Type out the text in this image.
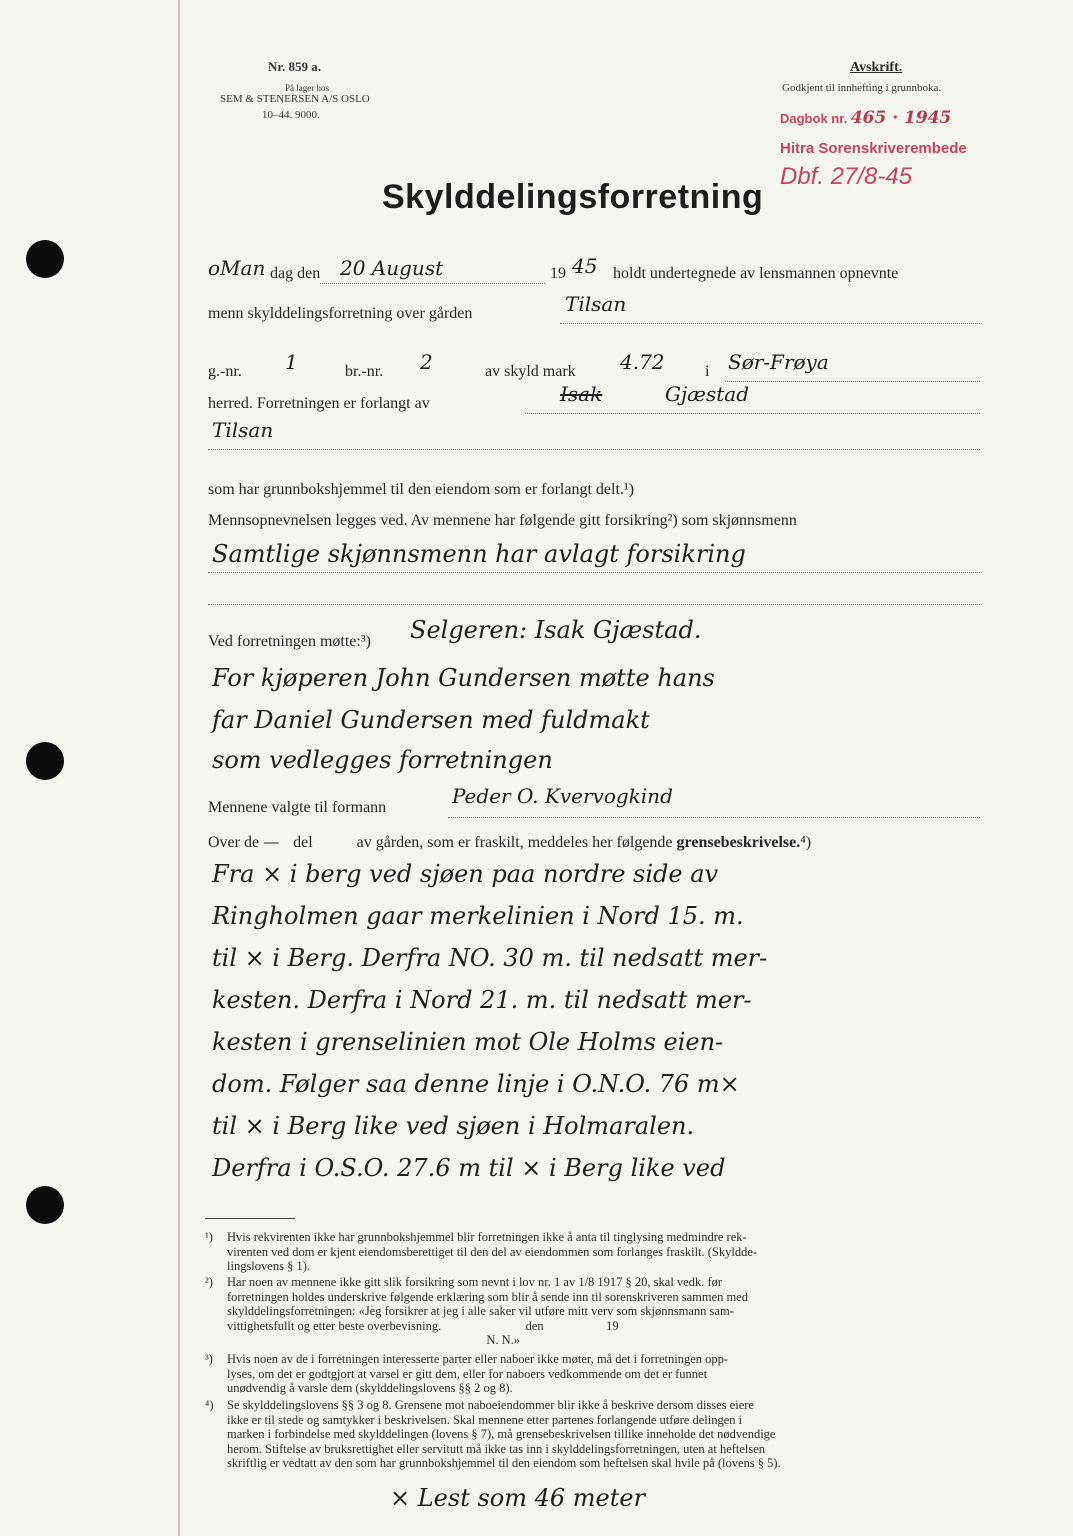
Nr. 859 a.
På lager hos
SEM & STENERSEN A/S OSLO
10–44. 9000.
Avskrift.
Godkjent til innhefting i grunnboka.
Dagbok nr. 465 · 1945
Hitra Sorenskriverembede
Dbf. 27/8-45
Skylddelingsforretning
oMan dag den 20 August	19 45 holdt undertegnede av lensmannen opnevnte
menn skylddelingsforretning over gården	Tilsan
g.-nr. 1	br.-nr. 2	av skyld mark 4.72	i Sør-Frøya
herred. Forretningen er forlangt av	Isak	Gjæstad
Tilsan
som har grunnbokshjemmel til den eiendom som er forlangt delt.¹)
Mennsopnevnelsen legges ved. Av mennene har følgende gitt forsikring²) som skjønnsmenn
Samtlige skjønnsmenn har avlagt forsikring
Ved forretningen møtte:³) Selgeren: Isak Gjæstad.
For kjøperen John Gundersen møtte hans
far Daniel Gundersen med fuldmakt
som vedlegges forretningen
Mennene valgte til formann	Peder O. Kvervogkind
Over de — del	av gården, som er fraskilt, meddeles her følgende grensebeskrivelse.⁴)
Fra × i berg ved sjøen paa nordre side av
Ringholmen gaar merkelinien i Nord 15. m.
til × i Berg. Derfra NO. 30 m. til nedsatt mer-
kesten. Derfra i Nord 21. m. til nedsatt mer-
kesten i grenselinien mot Ole Holms eien-
dom. Følger saa denne linje i O.N.O. 76 m×
til × i Berg like ved sjøen i Holmaralen.
Derfra i O.S.O. 27.6 m til × i Berg like ved
¹) Hvis rekvirenten ikke har grunnbokshjemmel blir forretningen ikke å anta til tinglysing medmindre rek-
virenten ved dom er kjent eiendomsberettiget til den del av eiendommen som forlanges fraskilt. (Skyldde-
lingslovens § 1).
²) Har noen av mennene ikke gitt slik forsikring som nevnt i lov nr. 1 av 1/8 1917 § 20, skal vedk. før
forretningen holdes underskrive følgende erklæring som blir å sende inn til sorenskriveren sammen med
skylddelingsforretningen: «Jeg forsikrer at jeg i alle saker vil utføre mitt verv som skjønnsmann sam-
vittighetsfullt og etter beste overbevisning.                           den                    19
N. N.»
³) Hvis noen av de i forretningen interesserte parter eller naboer ikke møter, må det i forretningen opp-
lyses, om det er godtgjort at varsel er gitt dem, eller for naboers vedkommende om det er funnet
unødvendig å varsle dem (skylddelingslovens §§ 2 og 8).
⁴) Se skylddelingslovens §§ 3 og 8. Grensene mot naboeiendommer blir ikke å beskrive dersom disses eiere
ikke er til stede og samtykker i beskrivelsen. Skal mennene etter partenes forlangende utføre delingen i
marken i forbindelse med skylddelingen (lovens § 7), må grensebeskrivelsen tillike inneholde det nødvendige
herom. Stiftelse av bruksrettighet eller servitutt må ikke tas inn i skylddelingsforretningen, uten at heftelsen
skriftlig er vedtatt av den som har grunnbokshjemmel til den eiendom som heftelsen skal hvile på (lovens § 5).
× Lest som 46 meter
